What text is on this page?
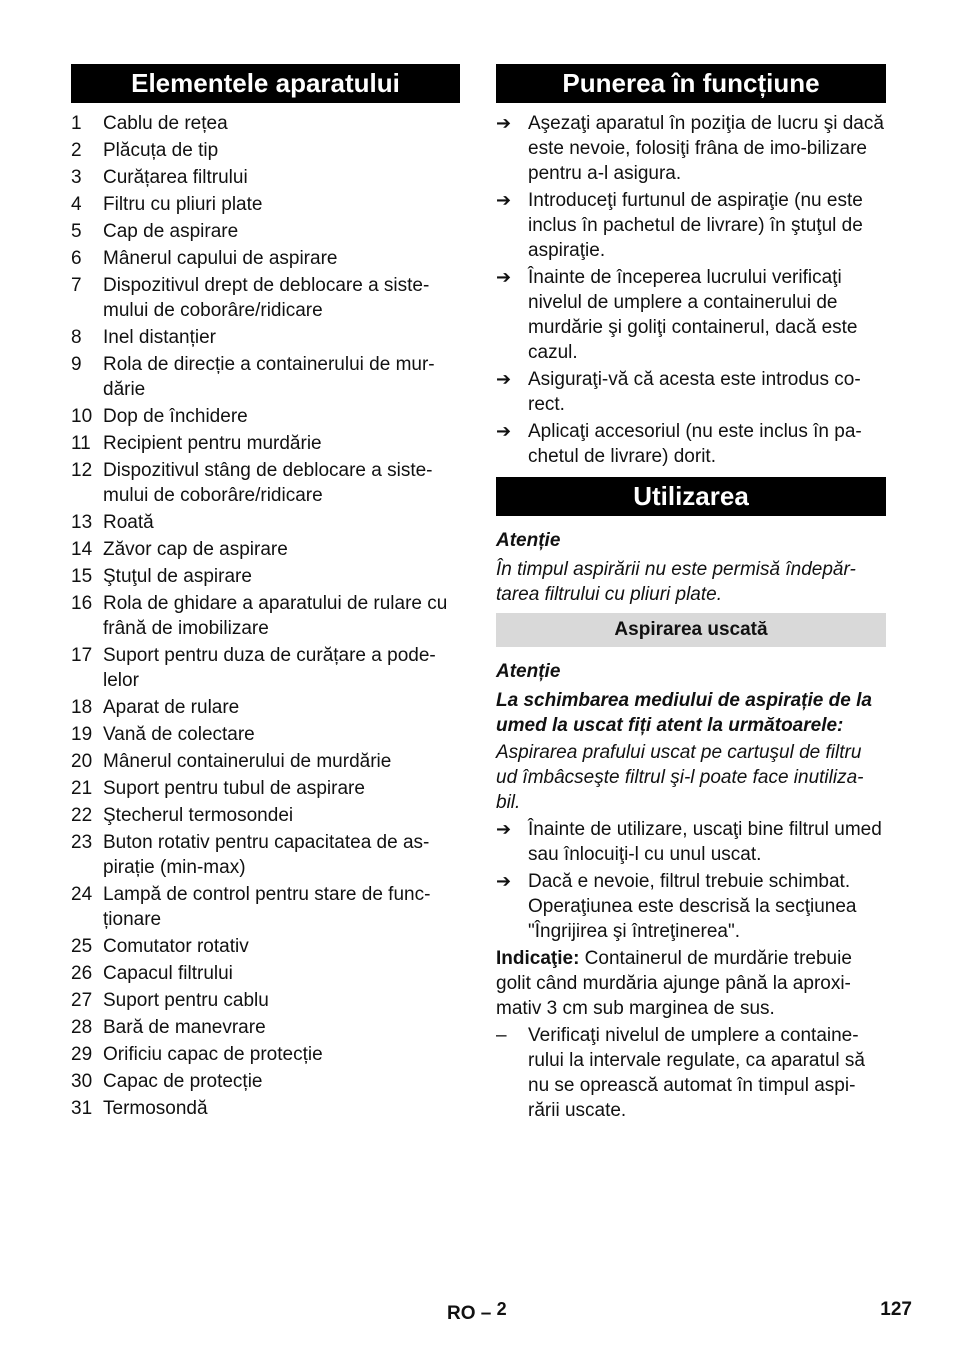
Elementele aparatului
1	Cablu de rețea
2	Plăcuța de tip
3	Curățarea filtrului
4	Filtru cu pliuri plate
5	Cap de aspirare
6	Mânerul capului de aspirare
7	Dispozitivul drept de deblocare a siste-mului de coborâre/ridicare
8	Inel distanțier
9	Rola de direcție a containerului de mur-dărie
10 Dop de închidere
11 Recipient pentru murdărie
12 Dispozitivul stâng de deblocare a siste-mului de coborâre/ridicare
13 Roată
14 Zăvor cap de aspirare
15 Ştuţul de aspirare
16 Rola de ghidare a aparatului de rulare cu frână de imobilizare
17 Suport pentru duza de curățare a pode-lelor
18 Aparat de rulare
19 Vană de colectare
20 Mânerul containerului de murdărie
21 Suport pentru tubul de aspirare
22 Ştecherul termosondei
23 Buton rotativ pentru capacitatea de as-pirație (min-max)
24 Lampă de control pentru stare de func-ționare
25 Comutator rotativ
26 Capacul filtrului
27 Suport pentru cablu
28 Bară de manevrare
29 Orificiu capac de protecție
30 Capac de protecție
31 Termosondă
Punerea în funcțiune
➔ Aşezaţi aparatul în poziţia de lucru şi dacă este nevoie, folosiţi frâna de imo-bilizare pentru a-l asigura.
➔ Introduceţi furtunul de aspiraţie (nu este inclus în pachetul de livrare) în ştuţul de aspiraţie.
➔ Înainte de începerea lucrului verificaţi nivelul de umplere a containerului de murdărie şi goliţi containerul, dacă este cazul.
➔ Asiguraţi-vă că acesta este introdus co-rect.
➔ Aplicaţi accesoriul (nu este inclus în pa-chetul de livrare) dorit.
Utilizarea
Atenție
În timpul aspirării nu este permisă îndepăr-tarea filtrului cu pliuri plate.
Aspirarea uscată
Atenție
La schimbarea mediului de aspirație de la umed la uscat fiți atent la următoarele:
Aspirarea prafului uscat pe cartuşul de filtru ud îmbâcseşte filtrul şi-l poate face inutiliza-bil.
➔ Înainte de utilizare, uscaţi bine filtrul umed sau înlocuiţi-l cu unul uscat.
➔ Dacă e nevoie, filtrul trebuie schimbat. Operaţiunea este descrisă la secţiunea "Îngrijirea şi întreţinerea".
Indicaţie: Containerul de murdărie trebuie golit când murdăria ajunge până la aproxi-mativ 3 cm sub marginea de sus.
–	Verificaţi nivelul de umplere a containe-rului la intervale regulate, ca aparatul să nu se oprească automat în timpul aspi-rării uscate.
RO – 2	127
